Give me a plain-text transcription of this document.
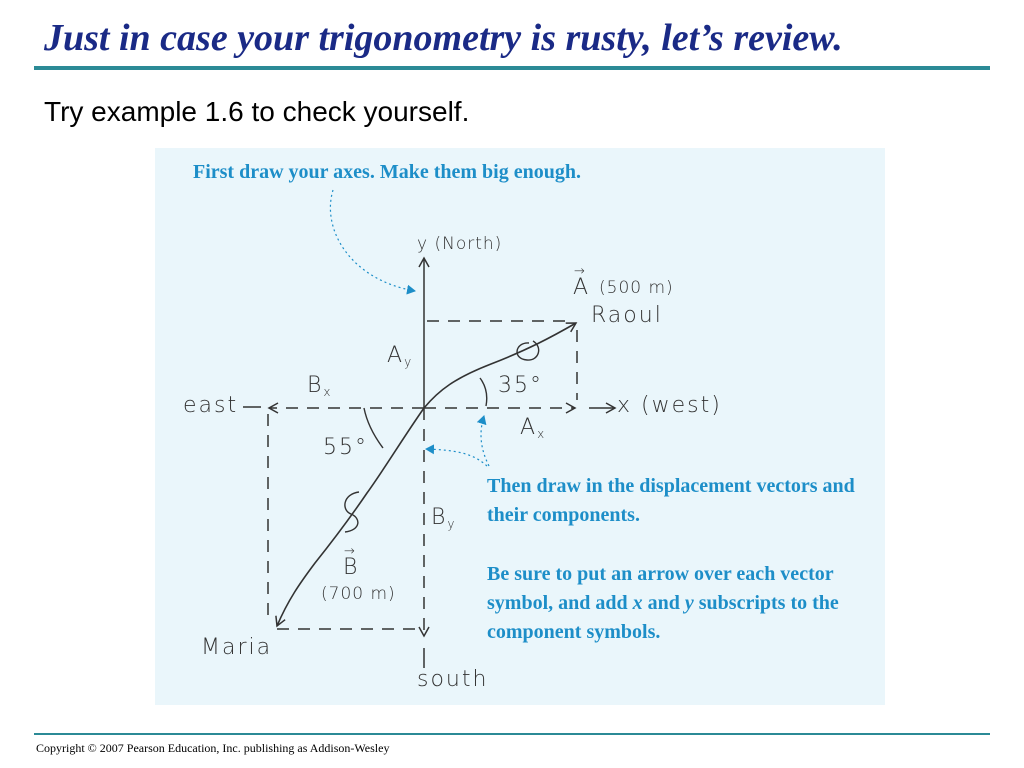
Just in case your trigonometry is rusty, let’s review.
Try example 1.6 to check yourself.
First draw your axes. Make them big enough.
Then draw in the displacement vectors and their components.
Be sure to put an arrow over each vector symbol, and add x and y subscripts to the component symbols.
y (North)
south
east	x (west)
→ A (500 m)
Raoul
$A_y$
$B_x$
$A_x$
$B_y$
35°
55°
→ B
(700 m)
Maria
Copyright © 2007 Pearson Education, Inc. publishing as Addison-Wesley
